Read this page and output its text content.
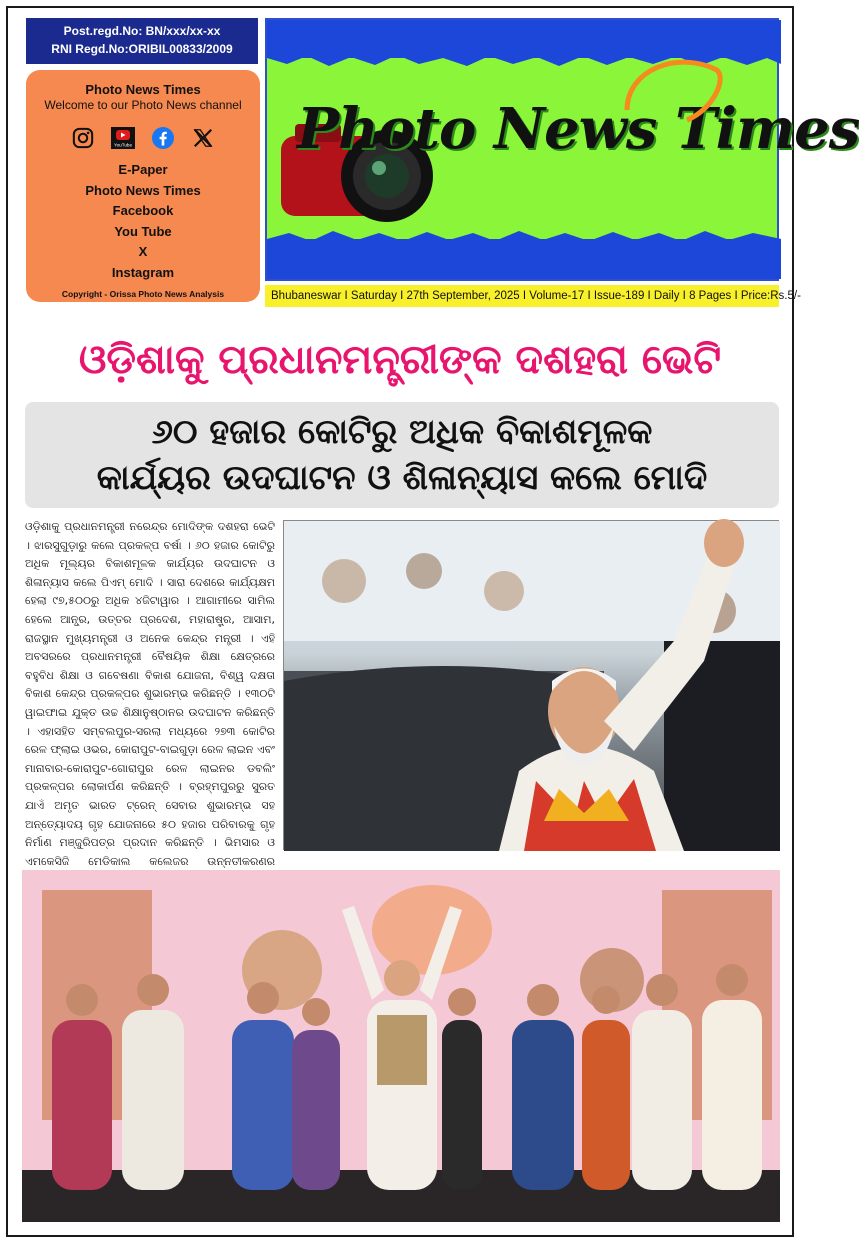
Post.regd.No: BN/xxx/xx-xx
RNI Regd.No:ORIBIL00833/2009
Photo News Times
Welcome to our Photo News channel
YouTube
E-Paper
Photo News Times
Facebook
You Tube
X
Instagram
Copyright - Orissa Photo News Analysis
Photo News Times
Bhubaneswar I Saturday I 27th September, 2025 I Volume-17 I Issue-189 I Daily I 8 Pages I Price:Rs.5/-
ଓଡ଼ିଶାକୁ ପ୍ରଧାନମନ୍ତ୍ରୀଙ୍କ ଦଶହରା ଭେଟି
୬୦ ହଜାର କୋଟିରୁ ଅଧିକ ବିକାଶମୂଳକ
କାର୍ଯ୍ୟର ଉଦଘାଟନ ଓ ଶିଳାନ୍ୟାସ କଲେ ମୋଦି
ଓଡ଼ିଶାକୁ ପ୍ରଧାନମନ୍ତ୍ରୀ ନରେନ୍ଦ୍ର ମୋଦିଙ୍କ ଦଶହରା ଭେଟି । ଝାରସୁଗୁଡ଼ାରୁ କଲେ ପ୍ରକଳ୍ପ ବର୍ଷା । ୬୦ ହଜାର କୋଟିରୁ ଅଧିକ ମୂଲ୍ୟର ବିକାଶମୂଳକ କାର୍ଯ୍ୟର ଉଦଘାଟନ ଓ ଶିଳାନ୍ୟାସ କଲେ ପିଏମ୍ ମୋଦି । ସାରା ଦେଶରେ କାର୍ଯ୍ୟକ୍ଷମ ହେଲା ୯୭,୫୦୦ରୁ ଅଧିକ ୪ଜିଟାୱାର । ଆଗାମୀରେ ସାମିଲ ହେଲେ ଆନ୍ଧ୍ର, ଉତ୍ତର ପ୍ରଦେଶ, ମହାରାଷ୍ଟ୍ର, ଆସାମ, ରାଜସ୍ଥାନ ମୁଖ୍ୟମନ୍ତ୍ରୀ ଓ ଅନେକ କେନ୍ଦ୍ର ମନ୍ତ୍ରୀ । ଏହି ଅବସରରେ ପ୍ରଧାନମନ୍ତ୍ରୀ ବୈଷୟିକ ଶିକ୍ଷା କ୍ଷେତ୍ରରେ ବହୁବିଧ ଶିକ୍ଷା ଓ ଗବେଷଣା ବିକାଶ ଯୋଜନା, ବିଶ୍ୱ ଦକ୍ଷତା ବିକାଶ କେନ୍ଦ୍ର ପ୍ରକଳ୍ପର ଶୁଭାରମ୍ଭ କରିଛନ୍ତି । ୧୩୦ଟି ୱାଇଫାଇ ଯୁକ୍ତ ଉଚ୍ଚ ଶିକ୍ଷାନୁଷ୍ଠାନର ଉଦଘାଟନ କରିଛନ୍ତି । ଏହାସହିତ ସମ୍ବଲପୁର-ସରଲା ମଧ୍ୟରେ ୨୭୩ କୋଟିର ରେଳ ଫ୍ଲାଇ ଓଭର, କୋରାପୁଟ-ବାଇଗୁଡ଼ା ରେଳ ଲାଇନ ଏବଂ ମାନାବାର-କୋରାପୁଟ-ଗୋରାପୁର ରେଳ ଲାଇନର ଡବଲିଂ ପ୍ରକଳ୍ପର ଲୋକାର୍ପଣ କରିଛନ୍ତି । ବ୍ରହ୍ମପୁରରୁ ସୁରତ ଯାଏଁ ଅମୃତ ଭାରତ ଟ୍ରେନ୍ ସେବାର ଶୁଭାରମ୍ଭ ସହ ଅନ୍ତ୍ୟୋଦୟ ଗୃହ ଯୋଜନାରେ ୫୦ ହଜାର ପରିବାରକୁ ଗୃହ ନିର୍ମାଣ ମଞ୍ଜୁରିପତ୍ର ପ୍ରଦାନ କରିଛନ୍ତି । ଭିମସାର ଓ ଏମକେସିଜି ମେଡିକାଲ କଲେଜର ଉନ୍ନତୀକରଣର
